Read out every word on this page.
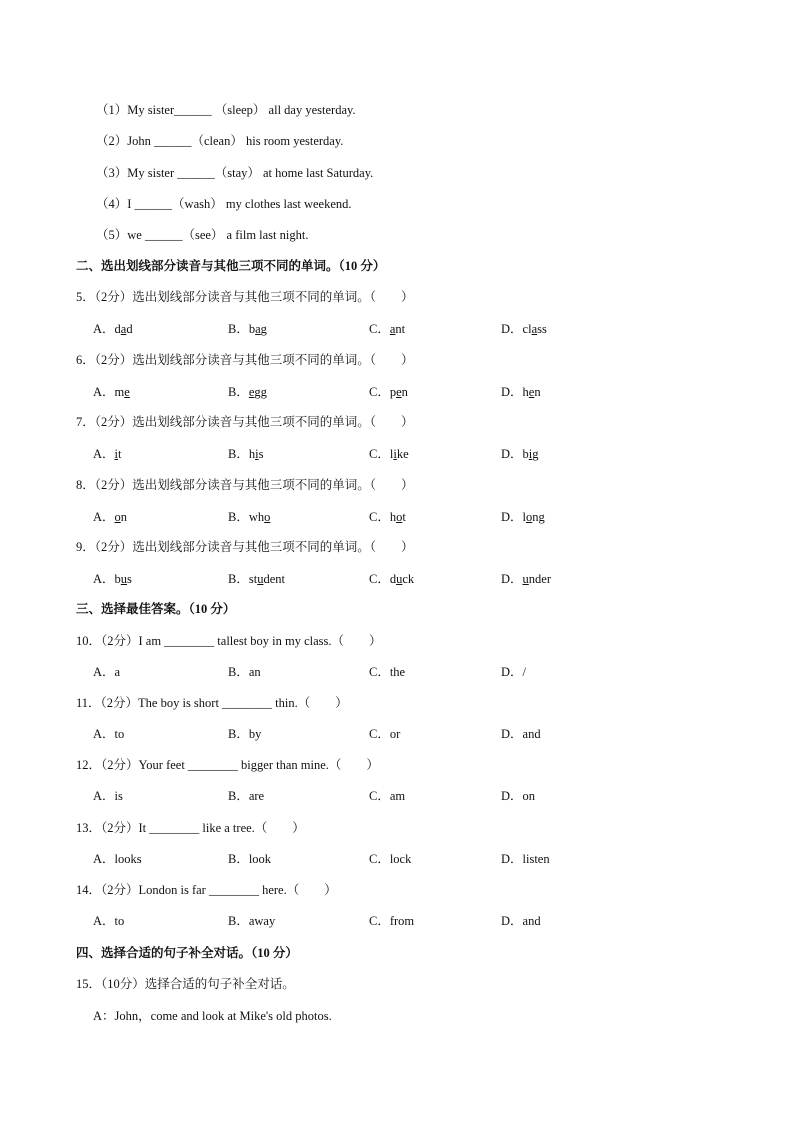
（1）My sister______ （sleep） all day yesterday.
（2）John ______（clean） his room yesterday.
（3）My sister ______（stay） at home last Saturday.
（4）I ______（wash） my clothes last weekend.
（5）we ______（see） a film last night.
二、选出划线部分读音与其他三项不同的单词。（10 分）
5．（2分）选出划线部分读音与其他三项不同的单词。（　　）
A．dad	B．bag	C．ant	D．class
6．（2分）选出划线部分读音与其他三项不同的单词。（　　）
A．me	B．egg	C．pen	D．hen
7．（2分）选出划线部分读音与其他三项不同的单词。（　　）
A．it	B．his	C．like	D．big
8．（2分）选出划线部分读音与其他三项不同的单词。（　　）
A．on	B．who	C．hot	D．long
9．（2分）选出划线部分读音与其他三项不同的单词。（　　）
A．bus	B．student	C．duck	D．under
三、选择最佳答案。（10 分）
10．（2分）I am ________ tallest boy in my class.（　　）
A．a	B．an	C．the	D．/
11．（2分）The boy is short ________ thin.（　　）
A．to	B．by	C．or	D．and
12．（2分）Your feet ________ bigger than mine.（　　）
A．is	B．are	C．am	D．on
13．（2分）It ________ like a tree.（　　）
A．looks	B．look	C．lock	D．listen
14．（2分）London is far ________ here.（　　）
A．to	B．away	C．from	D．and
四、选择合适的句子补全对话。（10 分）
15．（10分）选择合适的句子补全对话。
A：John，come and look at Mike's old photos.
